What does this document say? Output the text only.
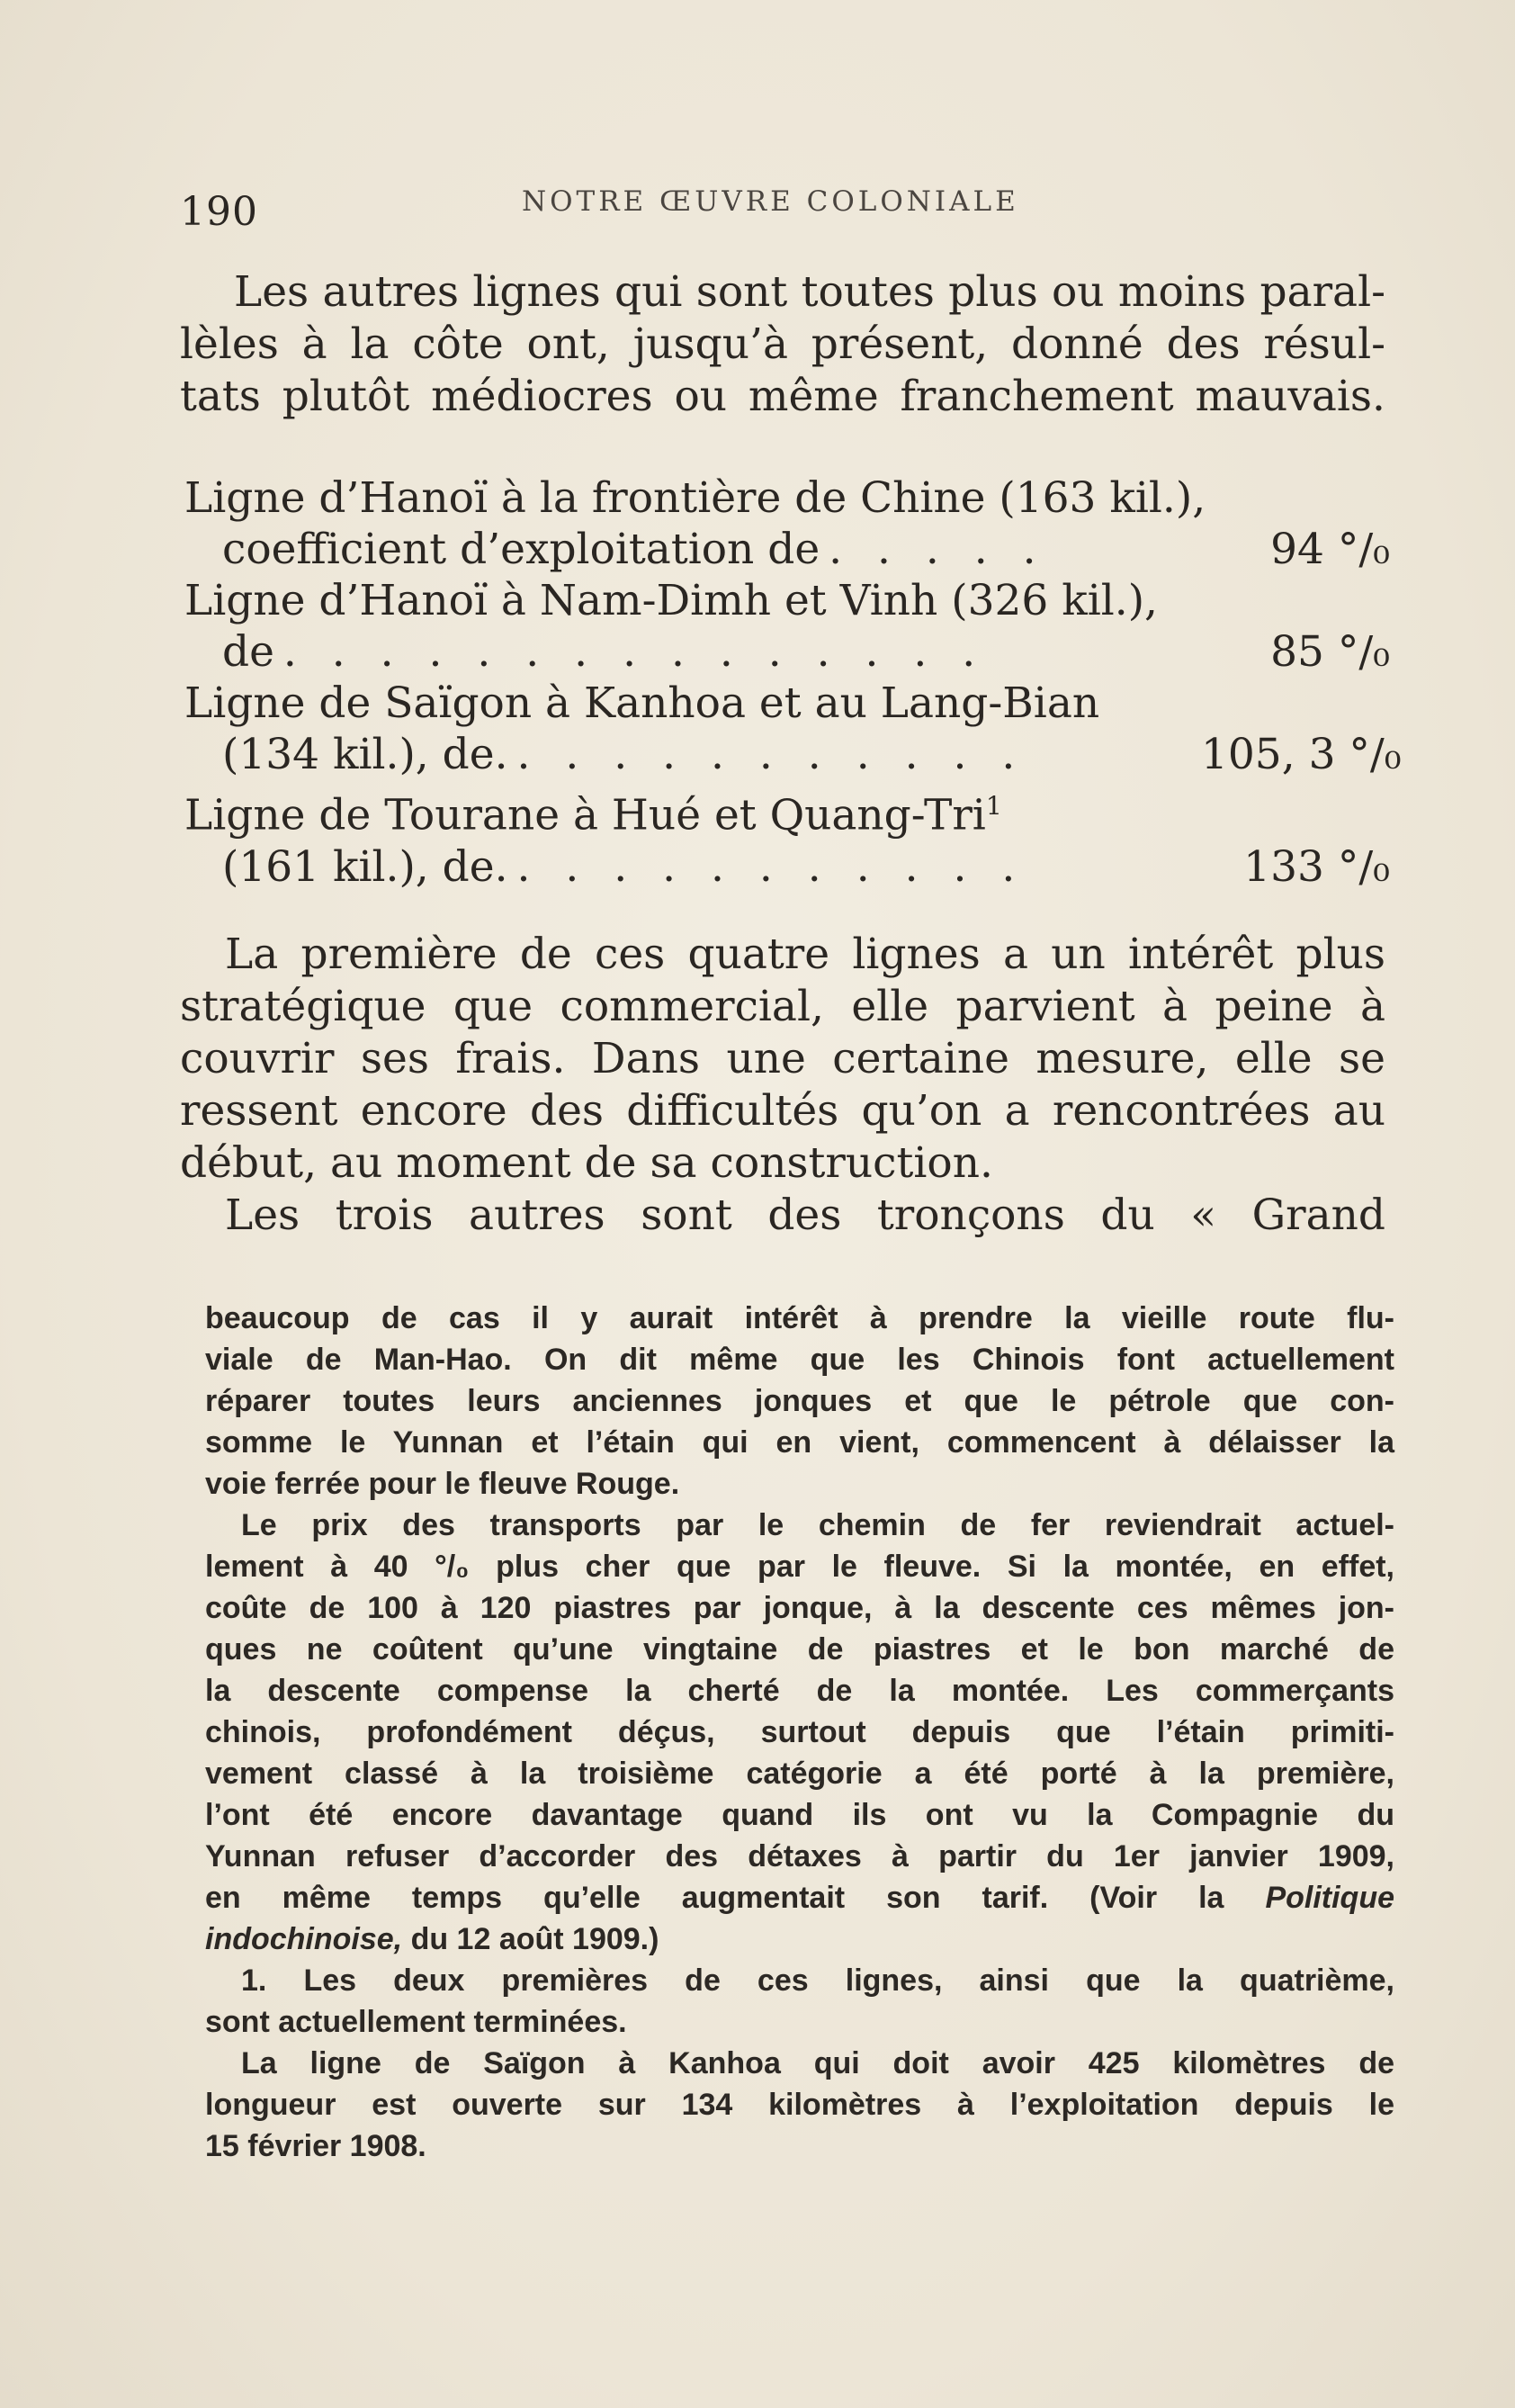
190	NOTRE ŒUVRE COLONIALE
Les autres lignes qui sont toutes plus ou moins paral-
lèles à la côte ont, jusqu’à présent, donné des résul-
tats plutôt médiocres ou même franchement mauvais.
Ligne d’Hanoï à la frontière de Chine (163 kil.),
coefficient d’exploitation de . . . . .	94 °/₀
Ligne d’Hanoï à Nam-Dimh et Vinh (326 kil.),
de . . . . . . . . . . . . . . .	85 °/₀
Ligne de Saïgon à Kanhoa et au Lang-Bian
(134 kil.), de. . . . . . . . . . . .	105, 3 °/₀
Ligne de Tourane à Hué et Quang-Tri$^1$
(161 kil.), de. . . . . . . . . . . .	133 °/₀
La première de ces quatre lignes a un intérêt plus
stratégique que commercial, elle parvient à peine à
couvrir ses frais. Dans une certaine mesure, elle se
ressent encore des difficultés qu’on a rencontrées au
début, au moment de sa construction.
Les trois autres sont des tronçons du « Grand
beaucoup de cas il y aurait intérêt à prendre la vieille route flu-
viale de Man-Hao. On dit même que les Chinois font actuellement
réparer toutes leurs anciennes jonques et que le pétrole que con-
somme le Yunnan et l’étain qui en vient, commencent à délaisser la
voie ferrée pour le fleuve Rouge.
Le prix des transports par le chemin de fer reviendrait actuel-
lement à 40 °/₀ plus cher que par le fleuve. Si la montée, en effet,
coûte de 100 à 120 piastres par jonque, à la descente ces mêmes jon-
ques ne coûtent qu’une vingtaine de piastres et le bon marché de
la descente compense la cherté de la montée. Les commerçants
chinois, profondément déçus, surtout depuis que l’étain primiti-
vement classé à la troisième catégorie a été porté à la première,
l’ont été encore davantage quand ils ont vu la Compagnie du
Yunnan refuser d’accorder des détaxes à partir du 1er janvier 1909,
en même temps qu’elle augmentait son tarif. (Voir la Politique
indochinoise, du 12 août 1909.)
1. Les deux premières de ces lignes, ainsi que la quatrième,
sont actuellement terminées.
La ligne de Saïgon à Kanhoa qui doit avoir 425 kilomètres de
longueur est ouverte sur 134 kilomètres à l’exploitation depuis le
15 février 1908.
